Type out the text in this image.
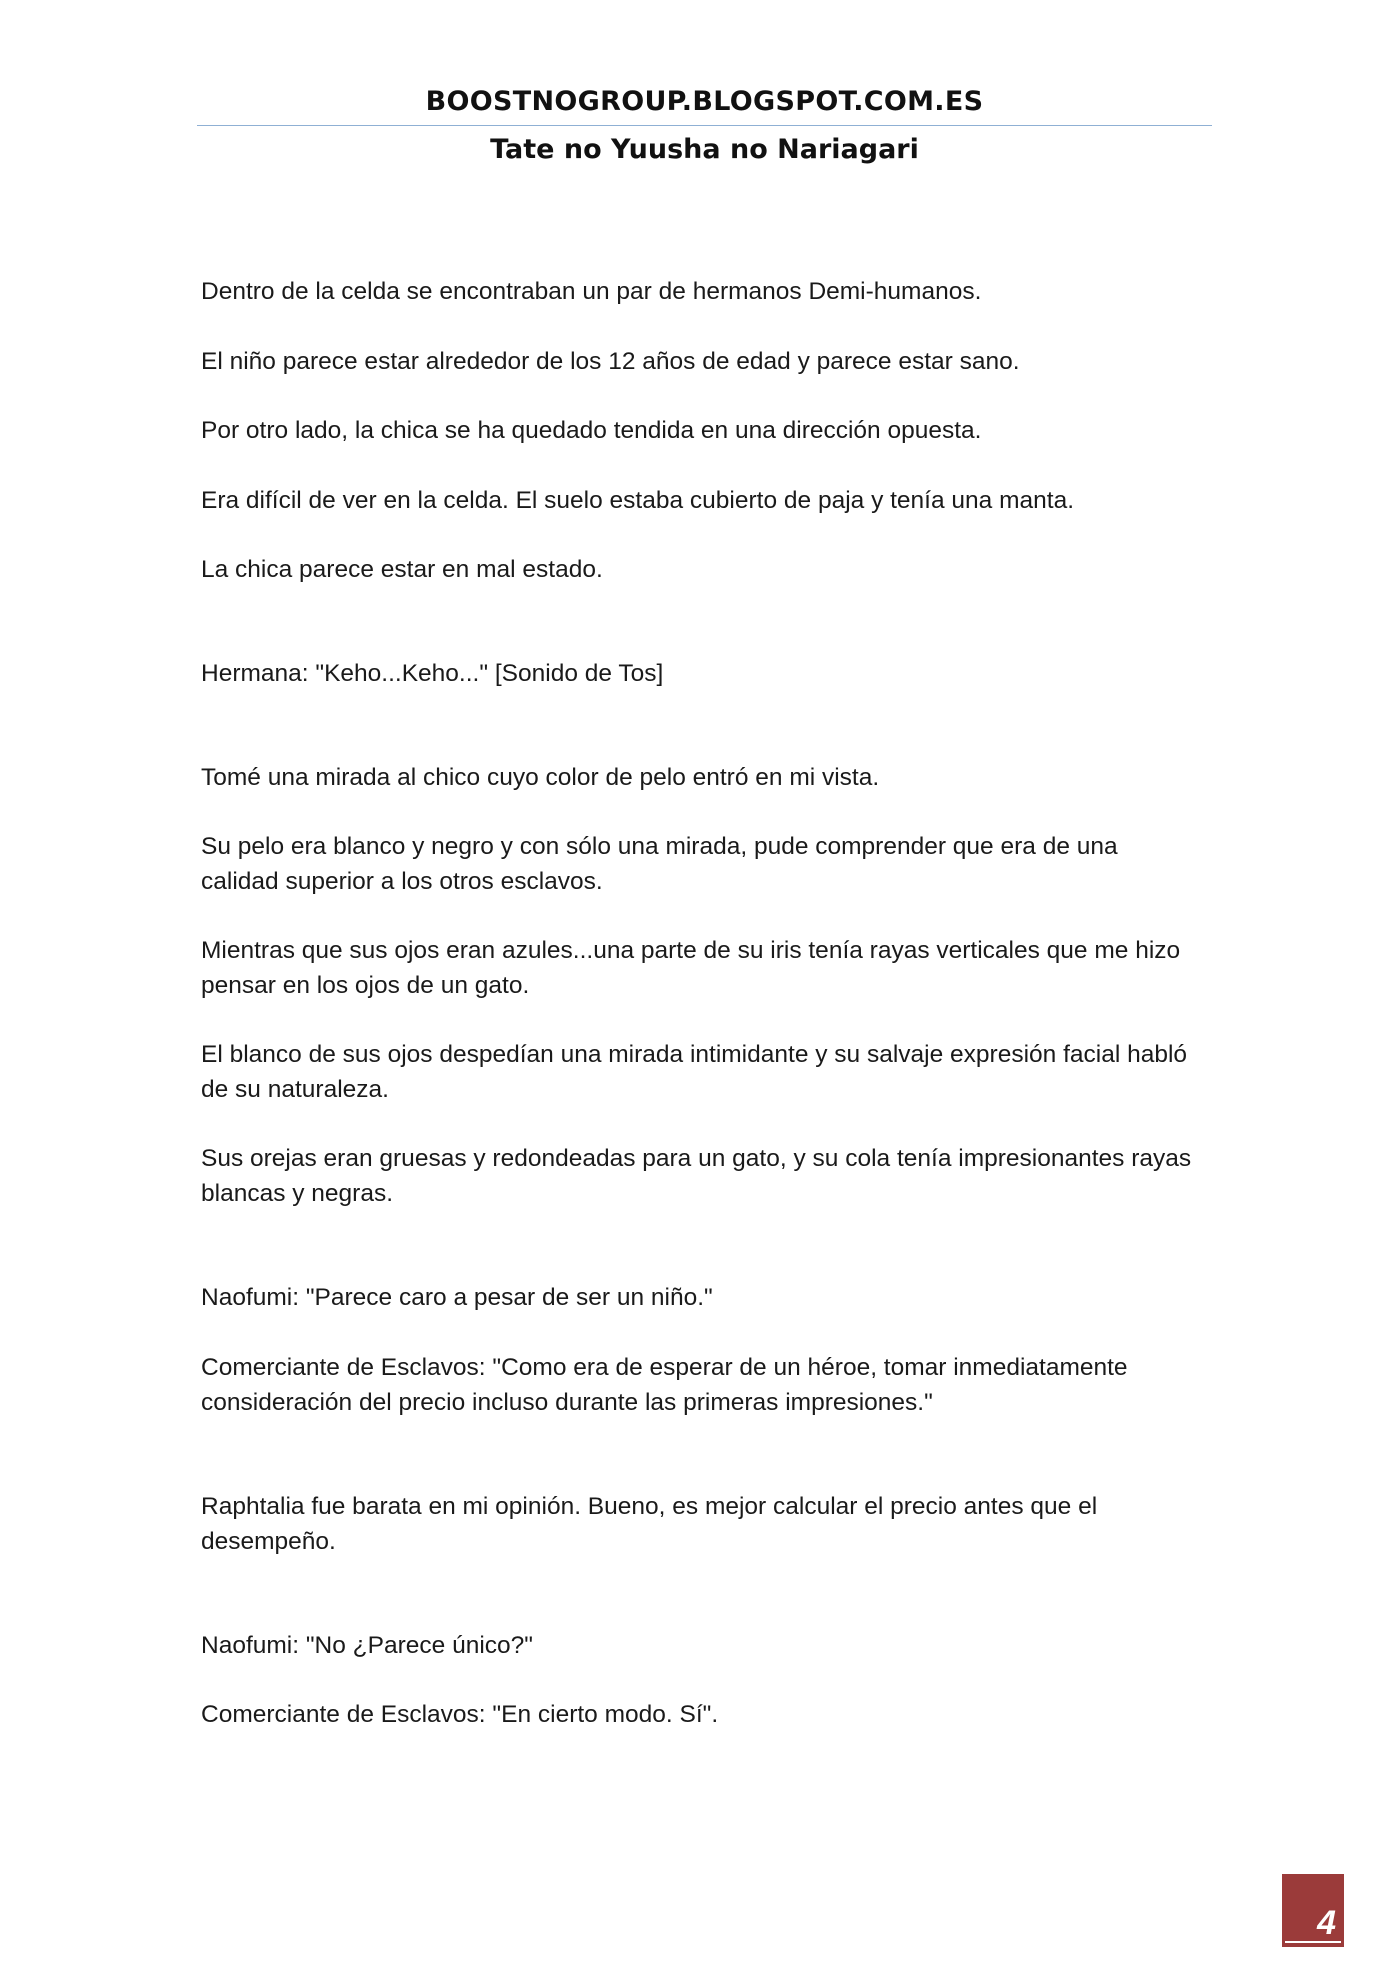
BOOSTNOGROUP.BLOGSPOT.COM.ES
Tate no Yuusha no Nariagari
Dentro de la celda se encontraban un par de hermanos Demi-humanos.
El niño parece estar alrededor de los 12 años de edad y parece estar sano.
Por otro lado, la chica se ha quedado tendida en una dirección opuesta.
Era difícil de ver en la celda. El suelo estaba cubierto de paja y tenía una manta.
La chica parece estar en mal estado.
Hermana: "Keho...Keho..." [Sonido de Tos]
Tomé una mirada al chico cuyo color de pelo entró en mi vista.
Su pelo era blanco y negro y con sólo una mirada, pude comprender que era de una calidad superior a los otros esclavos.
Mientras que sus ojos eran azules...una parte de su iris tenía rayas verticales que me hizo pensar en los ojos de un gato.
El blanco de sus ojos despedían una mirada intimidante y su salvaje expresión facial habló de su naturaleza.
Sus orejas eran gruesas y redondeadas para un gato, y su cola tenía impresionantes rayas blancas y negras.
Naofumi: "Parece caro a pesar de ser un niño."
Comerciante de Esclavos: "Como era de esperar de un héroe, tomar inmediatamente consideración del precio incluso durante las primeras impresiones."
Raphtalia fue barata en mi opinión. Bueno, es mejor calcular el precio antes que el desempeño.
Naofumi: "No ¿Parece único?"
Comerciante de Esclavos: "En cierto modo. Sí".
4
